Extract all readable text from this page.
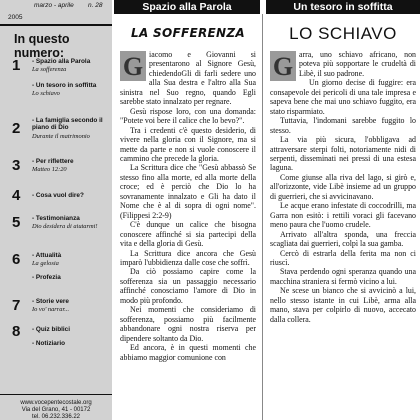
marzo - aprile n. 28
2005
In questo numero:
1 - Spazio alla Parola
La sofferenza
- Un tesoro in soffitta
Lo schiavo
2 - La famiglia secondo il piano di Dio
Durante il matrimonio
3 - Per riflettere
Matteo 12:20
4 - Cosa vuol dire?
5 - Testimonianza
Dio desidera di aiutarmi!
6 - Attualità
La gelosia
- Profezia
7 - Storie vere
Io vo' narrar...
8 - Quiz biblici
- Notiziario
www.vocepentecostale.org
Via del Grano, 41 - 00172
tel. 06.232.336.22
Spazio alla Parola	Un tesoro in soffitta
LA SOFFERENZA
G iacomo e Giovanni si presentarono al Signore Gesù, chiedendoGli di farli sedere uno alla Sua destra e l'altro alla Sua sinistra nel Suo regno, quando Egli sarebbe stato innalzato per regnare.

Gesù rispose loro, con una domanda: "Potete voi bere il calice che lo bevo?".

Tra i credenti c'è questo desiderio, di vivere nella gloria con il Signore, ma si mette da parte e non si vuole conoscere il cammino che precede la gloria.

La Scrittura dice che "Gesù abbassò Se stesso fino alla morte, ed alla morte della croce; ed è perciò che Dio lo ha sovranamente innalzato e Gli ha dato il Nome che è al di sopra di ogni nome". (Filippesi 2:2-9)

C'è dunque un calice che bisogna conoscere affinché si sia partecipi della vita e della gloria di Gesù.

La Scrittura dice ancora che Gesù imparò l'ubbidienza dalle cose che soffrì.

Da ciò possiamo capire come la sofferenza sia un passaggio necessario affinché conosciamo l'amore di Dio in modo più profondo.

Nei momenti che consideriamo di sofferenza, possiamo più facilmente abbandonare ogni nostra riserva per dipendere soltanto da Dio.

Ed ancora, è in questi momenti che abbiamo maggior comunione con

LO SCHIAVO
G arra, uno schiavo africano, non poteva più sopportare le crudeltà di Libè, il suo padrone.

Un giorno decise di fuggire: era consapevole dei pericoli di una tale impresa e sapeva bene che mai uno schiavo fuggito, era stato risparmiato.

Tuttavia, l'indomani sarebbe fuggito lo stesso.

La via più sicura, l'obbligava ad attraversare sterpi folti, notoriamente nidi di serpenti, disseminati nei pressi di una estesa laguna.

Come giunse alla riva del lago, si girò e, all'orizzonte, vide Libè insieme ad un gruppo di guerrieri, che si avvicinavano.

Le acque erano infestate di coccodrilli, ma Garra non esitò: i rettili voraci gli facevano meno paura che l'uomo crudele.

Arrivato all'altra sponda, una freccia scagliata dai guerrieri, colpì la sua gamba.

Cercò di estrarla della ferita ma non ci riuscì.

Stava perdendo ogni speranza quando una macchina straniera si fermò vicino a lui.

Ne scese un bianco che si avvicinò a lui, nello stesso istante in cui Libè, arma alla mano, stava per colpirlo di nuovo, accecato dalla collera.
